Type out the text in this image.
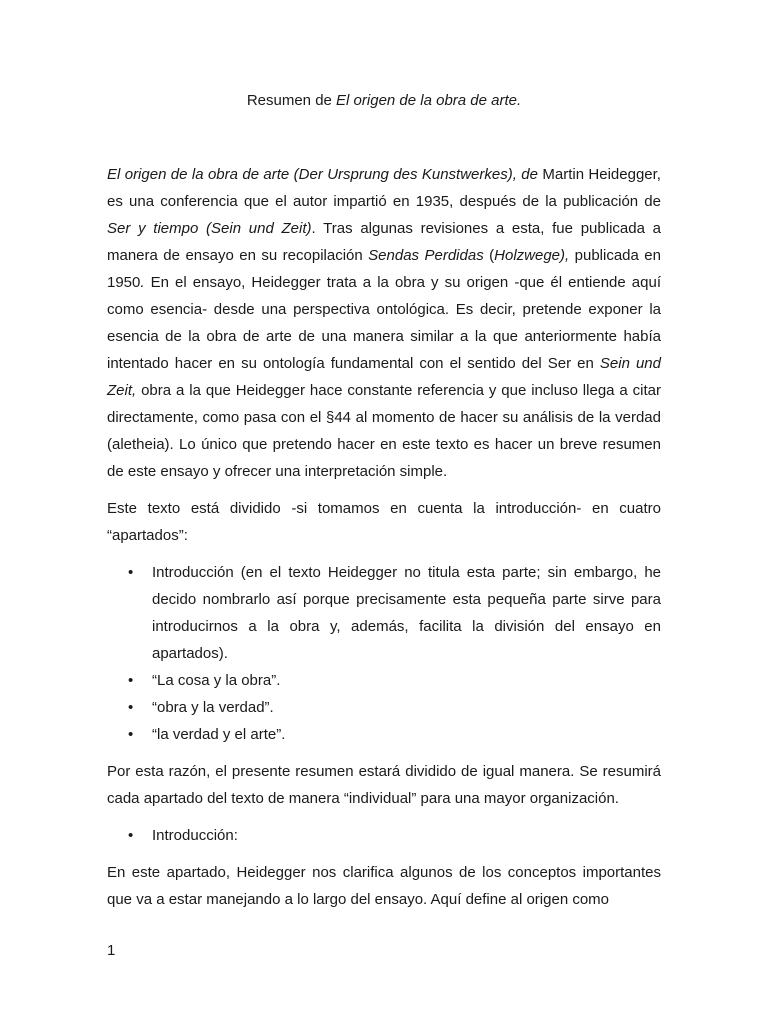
Resumen de El origen de la obra de arte.

El origen de la obra de arte (Der Ursprung des Kunstwerkes), de Martin Heidegger, es una conferencia que el autor impartió en 1935, después de la publicación de Ser y tiempo (Sein und Zeit). Tras algunas revisiones a esta, fue publicada a manera de ensayo en su recopilación Sendas Perdidas (Holzwege), publicada en 1950. En el ensayo, Heidegger trata a la obra y su origen -que él entiende aquí como esencia- desde una perspectiva ontológica. Es decir, pretende exponer la esencia de la obra de arte de una manera similar a la que anteriormente había intentado hacer en su ontología fundamental con el sentido del Ser en Sein und Zeit, obra a la que Heidegger hace constante referencia y que incluso llega a citar directamente, como pasa con el §44 al momento de hacer su análisis de la verdad (aletheia). Lo único que pretendo hacer en este texto es hacer un breve resumen de este ensayo y ofrecer una interpretación simple.

Este texto está dividido -si tomamos en cuenta la introducción- en cuatro “apartados”:

• Introducción (en el texto Heidegger no titula esta parte; sin embargo, he decido nombrarlo así porque precisamente esta pequeña parte sirve para introducirnos a la obra y, además, facilita la división del ensayo en apartados).
• “La cosa y la obra”.
• “obra y la verdad”.
• “la verdad y el arte”.

Por esta razón, el presente resumen estará dividido de igual manera. Se resumirá cada apartado del texto de manera “individual” para una mayor organización.

• Introducción:

En este apartado, Heidegger nos clarifica algunos de los conceptos importantes que va a estar manejando a lo largo del ensayo. Aquí define al origen como

1
